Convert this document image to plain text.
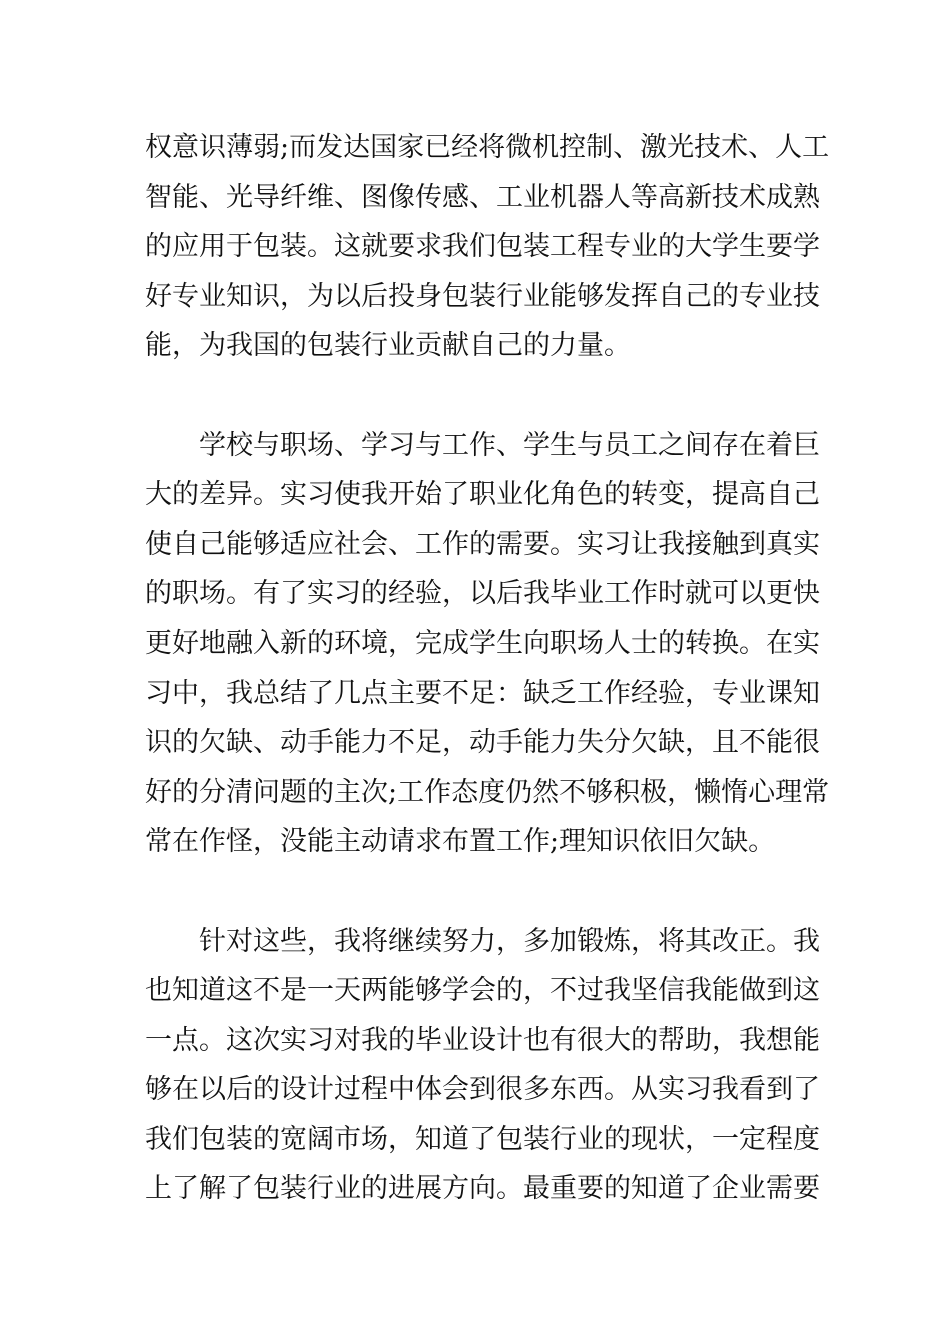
权意识薄弱;而发达国家已经将微机控制、激光技术、人工
智能、光导纤维、图像传感、工业机器人等高新技术成熟
的应用于包装。这就要求我们包装工程专业的大学生要学
好专业知识，为以后投身包装行业能够发挥自己的专业技
能，为我国的包装行业贡献自己的力量。
学校与职场、学习与工作、学生与员工之间存在着巨
大的差异。实习使我开始了职业化角色的转变，提高自己
使自己能够适应社会、工作的需要。实习让我接触到真实
的职场。有了实习的经验，以后我毕业工作时就可以更快
更好地融入新的环境，完成学生向职场人士的转换。在实
习中，我总结了几点主要不足：缺乏工作经验，专业课知
识的欠缺、动手能力不足，动手能力失分欠缺，且不能很
好的分清问题的主次;工作态度仍然不够积极，懒惰心理常
常在作怪，没能主动请求布置工作;理知识依旧欠缺。
针对这些，我将继续努力，多加锻炼，将其改正。我
也知道这不是一天两能够学会的，不过我坚信我能做到这
一点。这次实习对我的毕业设计也有很大的帮助，我想能
够在以后的设计过程中体会到很多东西。从实习我看到了
我们包装的宽阔市场，知道了包装行业的现状，一定程度
上了解了包装行业的进展方向。最重要的知道了企业需要
